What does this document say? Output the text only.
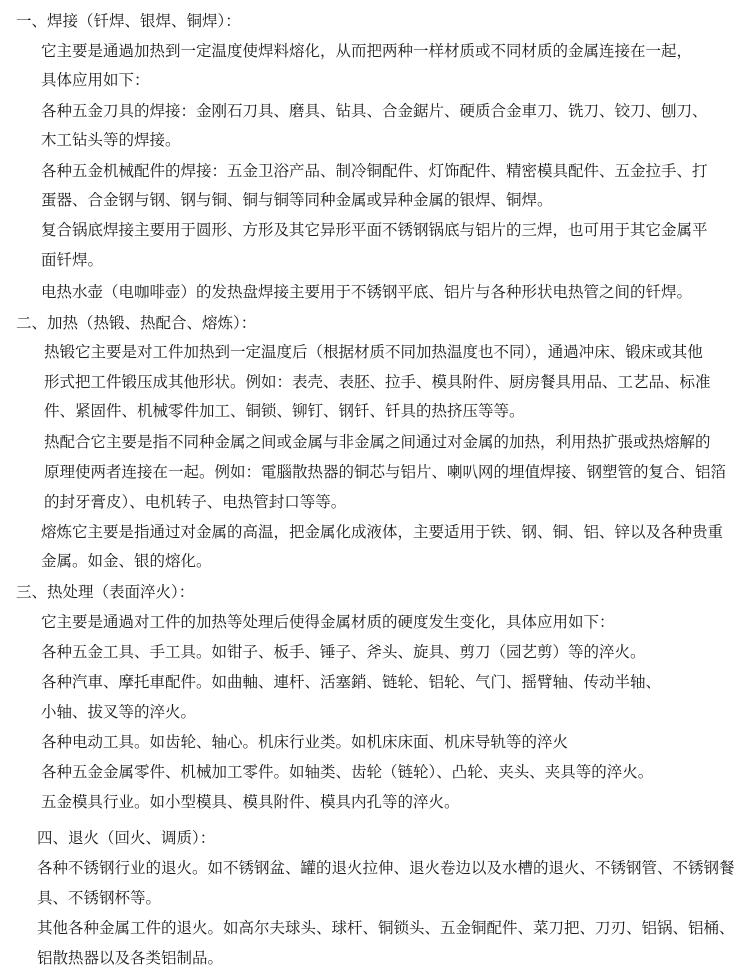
一、焊接（钎焊、银焊、铜焊）：
它主要是通過加热到一定温度使焊料熔化，从而把两种一样材质或不同材质的金属连接在一起，
具体应用如下：
各种五金刀具的焊接：金刚石刀具、磨具、钻具、合金鋸片、硬质合金車刀、铣刀、铰刀、刨刀、
木工钻头等的焊接。
各种五金机械配件的焊接：五金卫浴产品、制冷铜配件、灯饰配件、精密模具配件、五金拉手、打
蛋器、合金钢与钢、钢与铜、铜与铜等同种金属或异种金属的银焊、铜焊。
复合锅底焊接主要用于圆形、方形及其它异形平面不锈钢锅底与铝片的三焊，也可用于其它金属平
面钎焊。
电热水壶（电咖啡壶）的发热盘焊接主要用于不锈钢平底、铝片与各种形状电热管之间的钎焊。
二、加热（热锻、热配合、熔炼）：
热锻它主要是对工件加热到一定温度后（根据材质不同加热温度也不同），通過冲床、锻床或其他
形式把工件锻压成其他形状。例如：表壳、表胚、拉手、模具附件、厨房餐具用品、工艺品、标准
件、紧固件、机械零件加工、铜锁、铆钉、钢钎、钎具的热挤压等等。
热配合它主要是指不同种金属之间或金属与非金属之间通过对金属的加热，利用热扩張或热熔解的
原理使两者连接在一起。例如：電腦散热器的铜芯与铝片、喇叭网的埋值焊接、钢塑管的复合、铝箔
的封牙膏皮）、电机转子、电热管封口等等。
熔炼它主要是指通过对金属的高温，把金属化成液体，主要适用于铁、钢、铜、铝、锌以及各种贵重
金属。如金、银的熔化。
三、热处理（表面淬火）：
它主要是通過对工件的加热等处理后使得金属材质的硬度发生变化，具体应用如下：
各种五金工具、手工具。如钳子、板手、锤子、斧头、旋具、剪刀（园艺剪）等的淬火。
各种汽車、摩托車配件。如曲軸、連杆、活塞銷、链轮、铝轮、气门、摇臂轴、传动半轴、
小轴、拔叉等的淬火。
各种电动工具。如齿轮、轴心。机床行业类。如机床床面、机床导轨等的淬火
各种五金金属零件、机械加工零件。如轴类、齿轮（链轮）、凸轮、夹头、夹具等的淬火。
五金模具行业。如小型模具、模具附件、模具内孔等的淬火。
四、退火（回火、调质）：
各种不锈钢行业的退火。如不锈钢盆、罐的退火拉伸、退火卷边以及水槽的退火、不锈钢管、不锈钢餐
具、不锈钢杯等。
其他各种金属工件的退火。如高尔夫球头、球杆、铜锁头、五金铜配件、菜刀把、刀刃、铝锅、铝桶、
铝散热器以及各类铝制品。
